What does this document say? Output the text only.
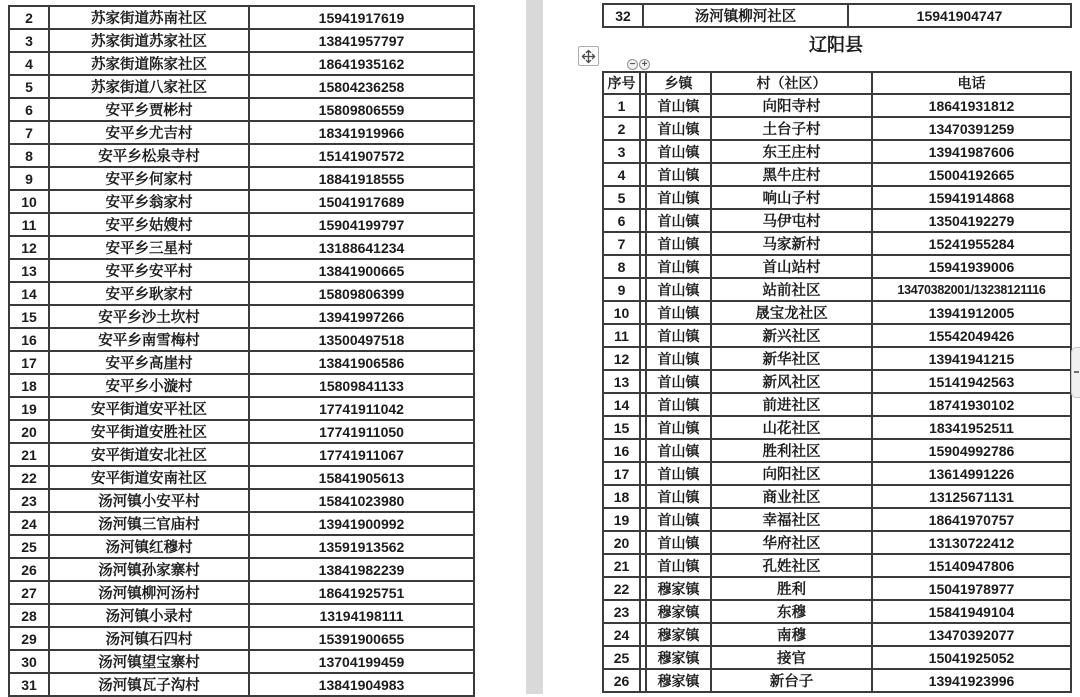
2	苏家街道苏南社区	15941917619
3	苏家街道苏家社区	13841957797
4	苏家街道陈家社区	18641935162
5	苏家街道八家社区	15804236258
6	安平乡贾彬村	15809806559
7	安平乡尤吉村	18341919966
8	安平乡松泉寺村	15141907572
9	安平乡何家村	18841918555
10	安平乡翁家村	15041917689
11	安平乡姑嫂村	15904199797
12	安平乡三星村	13188641234
13	安平乡安平村	13841900665
14	安平乡耿家村	15809806399
15	安平乡沙土坎村	13941997266
16	安平乡南雪梅村	13500497518
17	安平乡高崖村	13841906586
18	安平乡小漩村	15809841133
19	安平街道安平社区	17741911042
20	安平街道安胜社区	17741911050
21	安平街道安北社区	17741911067
22	安平街道安南社区	15841905613
23	汤河镇小安平村	15841023980
24	汤河镇三官庙村	13941900992
25	汤河镇红穆村	13591913562
26	汤河镇孙家寨村	13841982239
27	汤河镇柳河汤村	18641925751
28	汤河镇小录村	13194198111
29	汤河镇石四村	15391900655
30	汤河镇望宝寨村	13704199459
31	汤河镇瓦子沟村	13841904983
32	汤河镇柳河社区	15941904747
辽阳县
− +
序号		乡镇	村（社区）	电话
1		首山镇	向阳寺村	18641931812
2		首山镇	土台子村	13470391259
3		首山镇	东王庄村	13941987606
4		首山镇	黑牛庄村	15004192665
5		首山镇	响山子村	15941914868
6		首山镇	马伊屯村	13504192279
7		首山镇	马家新村	15241955284
8		首山镇	首山站村	15941939006
9		首山镇	站前社区	13470382001/13238121116
10		首山镇	晟宝龙社区	13941912005
11		首山镇	新兴社区	15542049426
12		首山镇	新华社区	13941941215
13		首山镇	新风社区	15141942563
14		首山镇	前进社区	18741930102
15		首山镇	山花社区	18341952511
16		首山镇	胜利社区	15904992786
17		首山镇	向阳社区	13614991226
18		首山镇	商业社区	13125671131
19		首山镇	幸福社区	18641970757
20		首山镇	华府社区	13130722412
21		首山镇	孔姓社区	15140947806
22		穆家镇	胜利	15041978977
23		穆家镇	东穆	15841949104
24		穆家镇	南穆	13470392077
25		穆家镇	接官	15041925052
26		穆家镇	新台子	13941923996
